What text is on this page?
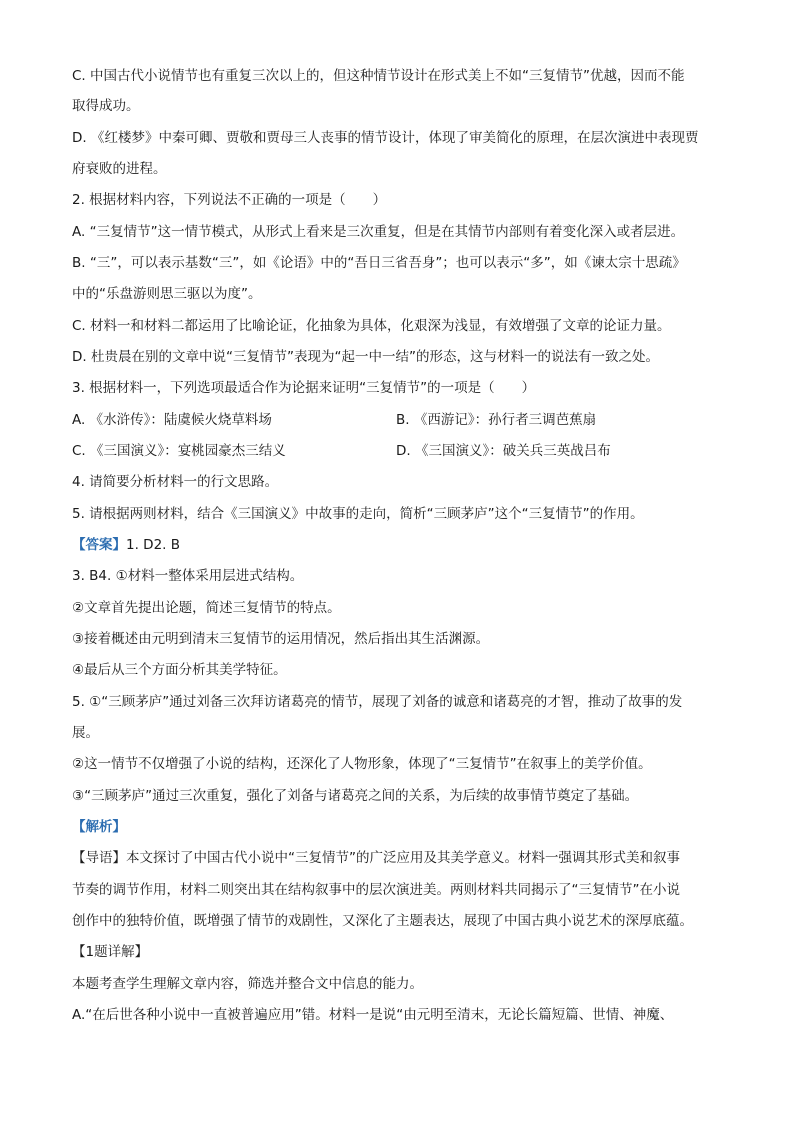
C. 中国古代小说情节也有重复三次以上的，但这种情节设计在形式美上不如“三复情节”优越，因而不能
取得成功。
D. 《红楼梦》中秦可卿、贾敬和贾母三人丧事的情节设计，体现了审美简化的原理，在层次演进中表现贾
府衰败的进程。
2. 根据材料内容，下列说法不正确的一项是（　　）
A. “三复情节”这一情节模式，从形式上看来是三次重复，但是在其情节内部则有着变化深入或者层进。
B. “三”，可以表示基数“三”，如《论语》中的“吾日三省吾身”；也可以表示“多”，如《谏太宗十思疏》
中的“乐盘游则思三驱以为度”。
C. 材料一和材料二都运用了比喻论证，化抽象为具体，化艰深为浅显，有效增强了文章的论证力量。
D. 杜贵晨在别的文章中说“三复情节”表现为“起一中一结”的形态，这与材料一的说法有一致之处。
3. 根据材料一，下列选项最适合作为论据来证明“三复情节”的一项是（　　）
A. 《水浒传》：陆虞候火烧草料场	B. 《西游记》：孙行者三调芭蕉扇
C. 《三国演义》：宴桃园豪杰三结义	D. 《三国演义》：破关兵三英战吕布
4. 请简要分析材料一的行文思路。
5. 请根据两则材料，结合《三国演义》中故事的走向，简析“三顾茅庐”这个“三复情节”的作用。
【答案】1. D2. B
3. B4. ①材料一整体采用层进式结构。
②文章首先提出论题，简述三复情节的特点。
③接着概述由元明到清末三复情节的运用情况，然后指出其生活渊源。
④最后从三个方面分析其美学特征。
5. ①“三顾茅庐”通过刘备三次拜访诸葛亮的情节，展现了刘备的诚意和诸葛亮的才智，推动了故事的发
展。
②这一情节不仅增强了小说的结构，还深化了人物形象，体现了“三复情节”在叙事上的美学价值。
③“三顾茅庐”通过三次重复，强化了刘备与诸葛亮之间的关系，为后续的故事情节奠定了基础。
【解析】
【导语】本文探讨了中国古代小说中“三复情节”的广泛应用及其美学意义。材料一强调其形式美和叙事
节奏的调节作用，材料二则突出其在结构叙事中的层次演进美。两则材料共同揭示了“三复情节”在小说
创作中的独特价值，既增强了情节的戏剧性，又深化了主题表达，展现了中国古典小说艺术的深厚底蕴。
【1题详解】
本题考查学生理解文章内容，筛选并整合文中信息的能力。
A.“在后世各种小说中一直被普遍应用”错。材料一是说“由元明至清末，无论长篇短篇、世情、神魔、
